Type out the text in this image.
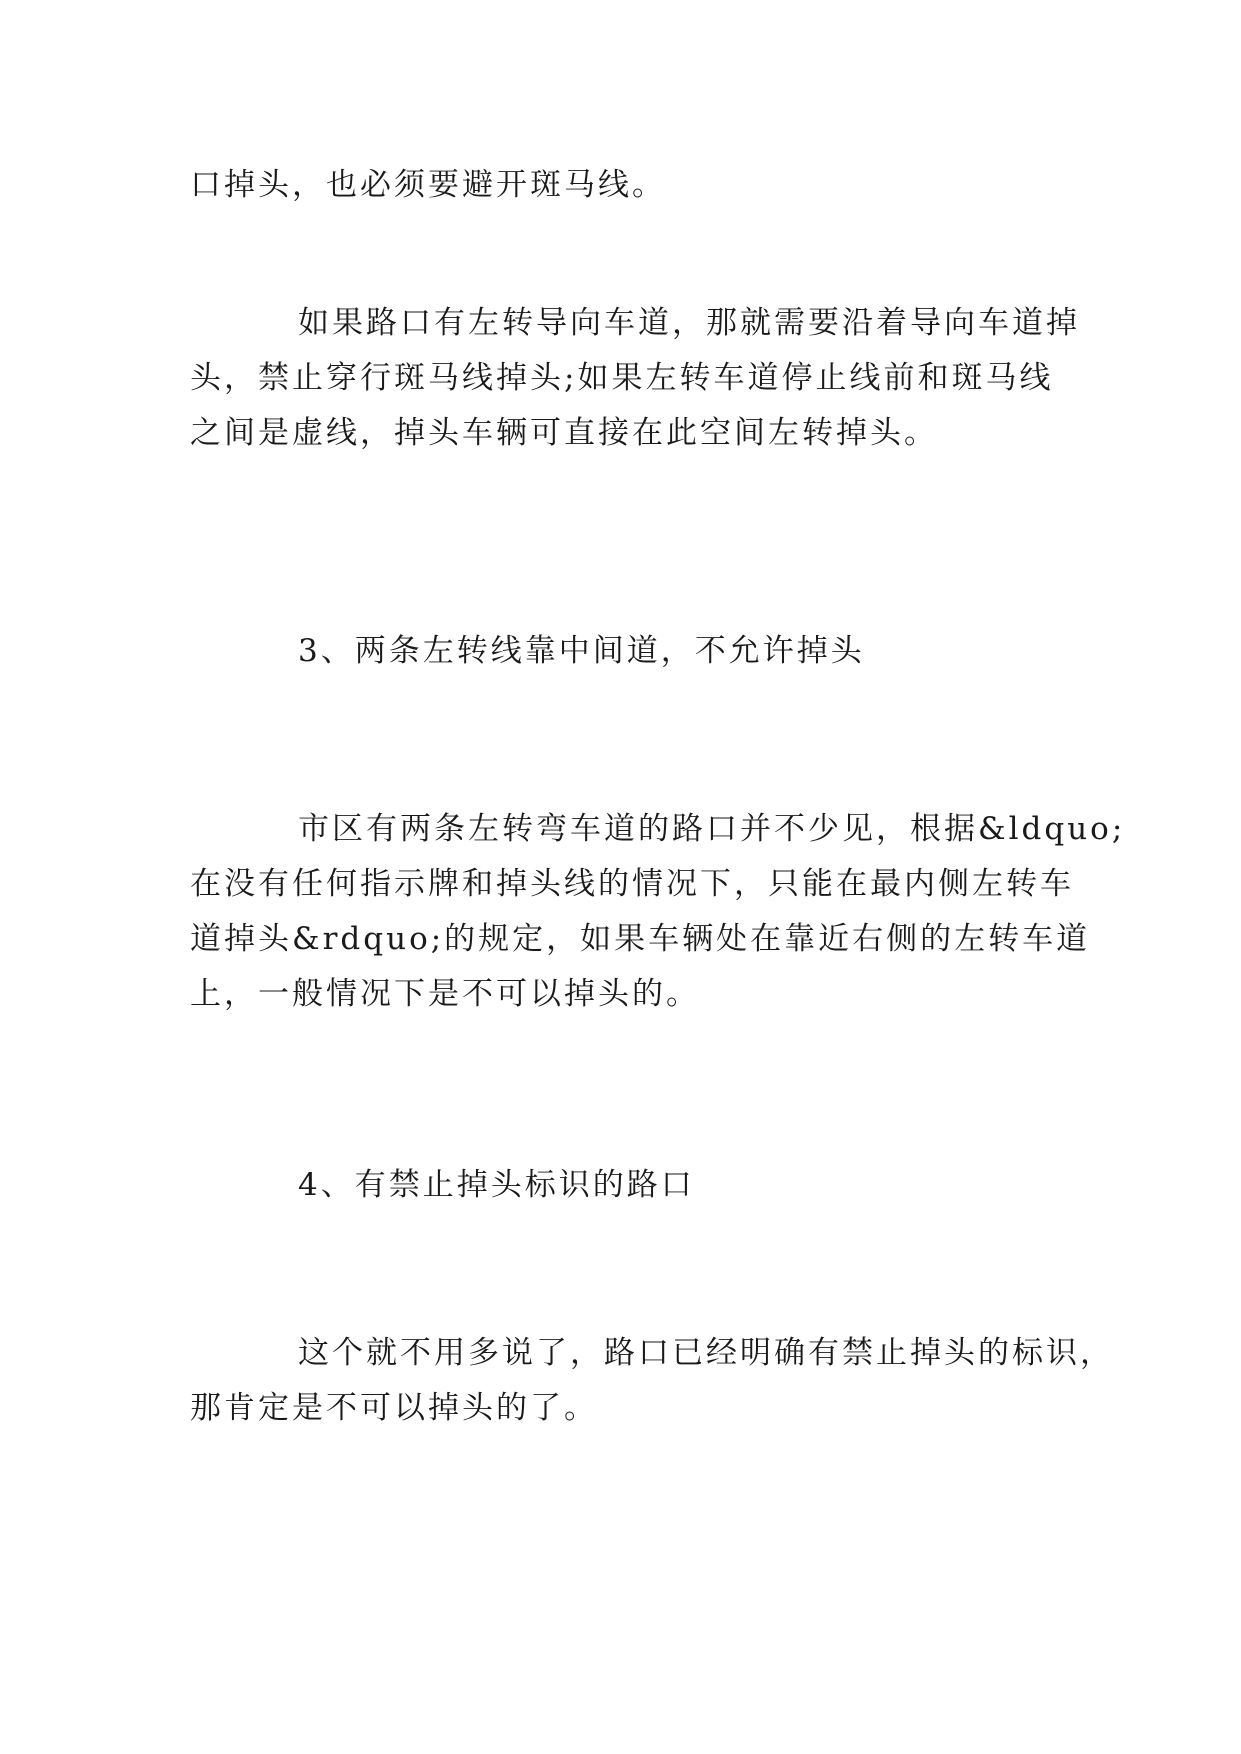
口掉头，也必须要避开斑马线。
如果路口有左转导向车道，那就需要沿着导向车道掉
头，禁止穿行斑马线掉头;如果左转车道停止线前和斑马线
之间是虚线，掉头车辆可直接在此空间左转掉头。
3、两条左转线靠中间道，不允许掉头
市区有两条左转弯车道的路口并不少见，根据&ldquo;
在没有任何指示牌和掉头线的情况下，只能在最内侧左转车
道掉头&rdquo;的规定，如果车辆处在靠近右侧的左转车道
上，一般情况下是不可以掉头的。
4、有禁止掉头标识的路口
这个就不用多说了，路口已经明确有禁止掉头的标识，
那肯定是不可以掉头的了。
